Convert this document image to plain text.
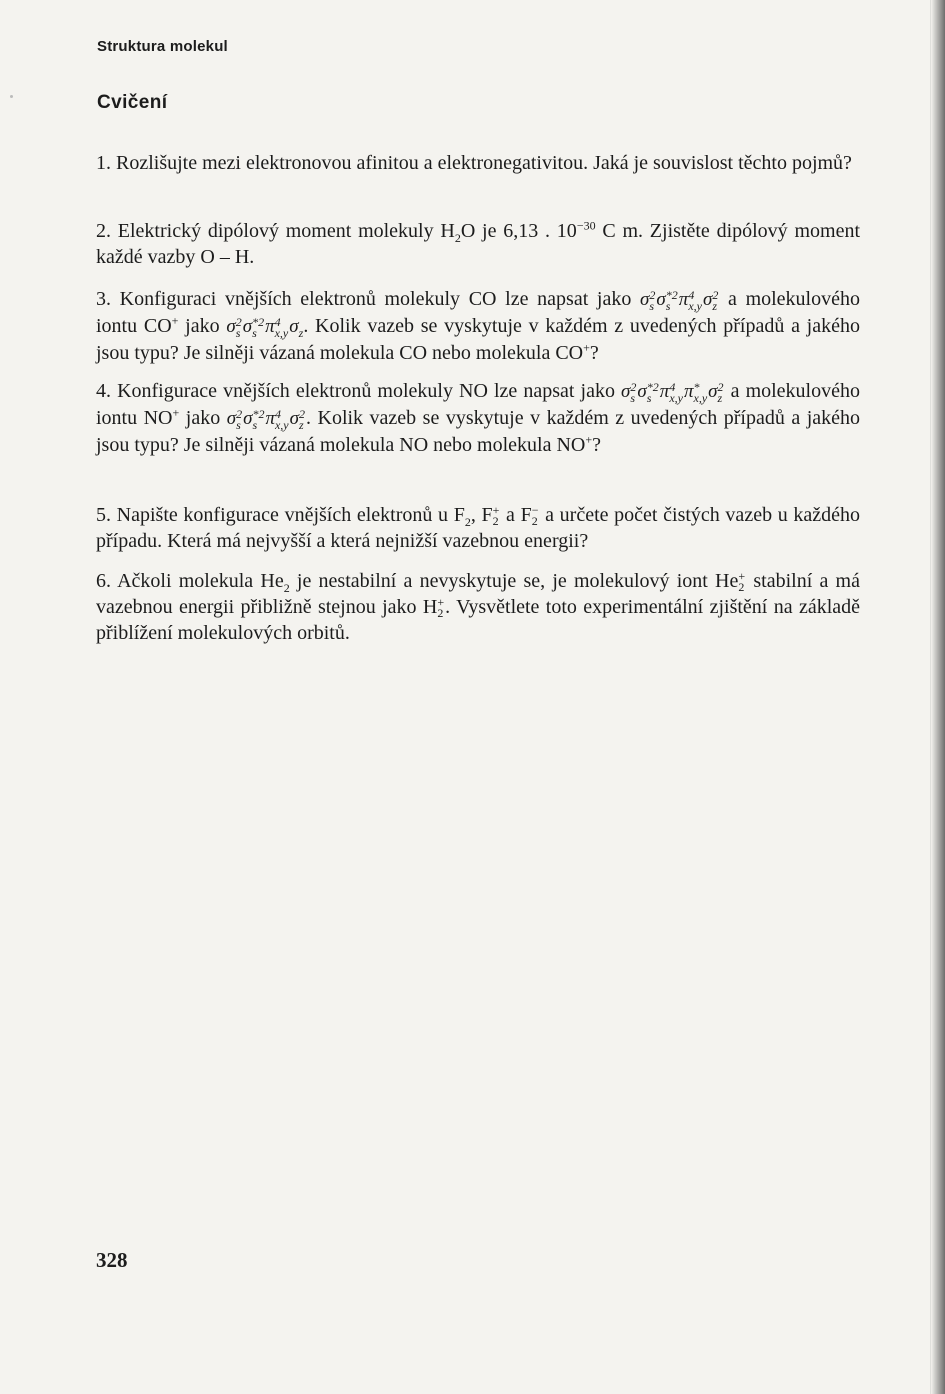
Struktura molekul
Cvičení
1. Rozlišujte mezi elektronovou afinitou a elektronegativitou. Jaká je souvislost těchto pojmů?
2. Elektrický dipólový moment molekuly $H_2O$ je 6,13 . $10^{-30}$ C m. Zjistěte dipólový moment každé vazby O – H.
3. Konfiguraci vnějších elektronů molekuly CO lze napsat jako σ 2
s σ *2
s π 4
x,y σ 2
z a molekulového iontu CO+ jako σ 2
s σ *2
s π 4
x,y $\sigma_z$. Kolik vazeb se vyskytuje v každém z uvedených případů a jakého jsou typu? Je silněji vázaná molekula CO nebo molekula CO+?
4. Konfigurace vnějších elektronů molekuly NO lze napsat jako σ 2
s σ *2
s π 4
x,y π *
x,y σ 2
z a molekulového iontu NO+ jako σ 2
s σ *2
s π 4
x,y σ 2
z . Kolik vazeb se vyskytuje v každém z uvedených případů a jakého jsou typu? Je silněji vázaná molekula NO nebo molekula NO+?
5. Napište konfigurace vnějších elektronů u $F_2$, F +
2 a F −
2 a určete počet čistých vazeb u každého případu. Která má nejvyšší a která nejnižší vazebnou energii?
6. Ačkoli molekula $He_2$ je nestabilní a nevyskytuje se, je molekulový iont He +
2 stabilní a má vazebnou energii přibližně stejnou jako H +
2 . Vysvětlete toto experimentální zjištění na základě přiblížení molekulových orbitů.
328
